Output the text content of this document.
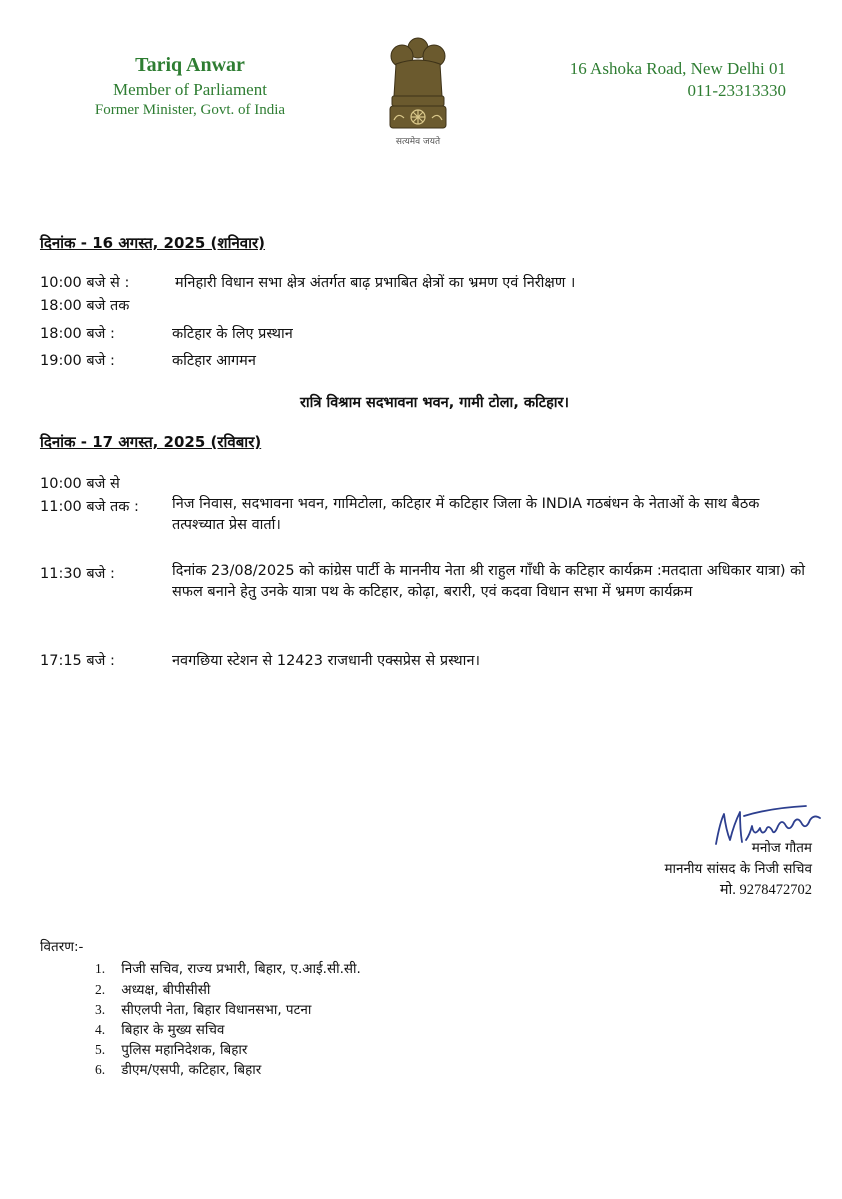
Tariq Anwar
Member of Parliament
Former Minister, Govt. of India
सत्यमेव जयते
16 Ashoka Road, New Delhi 01
011-23313330
दिनांक - 16 अगस्त, 2025 (शनिवार)
10:00 बजे से :	मनिहारी विधान सभा क्षेत्र अंतर्गत बाढ़ प्रभाबित क्षेत्रों का भ्रमण एवं निरीक्षण ।
18:00 बजे तक
18:00 बजे :	कटिहार के लिए प्रस्थान
19:00 बजे :	कटिहार आगमन
रात्रि विश्राम सदभावना भवन, गामी टोला, कटिहार।
दिनांक - 17 अगस्त, 2025 (रविबार)
10:00 बजे से
11:00 बजे तक : निज निवास, सदभावना भवन, गामिटोला, कटिहार में कटिहार जिला के INDIA गठबंधन के नेताओं के साथ बैठक तत्पश्च्यात प्रेस वार्ता।
11:30 बजे :	दिनांक 23/08/2025 को कांग्रेस पार्टी के माननीय नेता श्री राहुल गाँधी के कटिहार कार्यक्रम :मतदाता अधिकार यात्रा) को सफल बनाने हेतु उनके यात्रा पथ के कटिहार, कोढ़ा, बरारी, एवं कदवा विधान सभा में भ्रमण कार्यक्रम
17:15 बजे :	नवगछिया स्टेशन से 12423 राजधानी एक्सप्रेस से प्रस्थान।
मनोज गौतम
माननीय सांसद के निजी सचिव
मो. 9278472702
वितरण:-
1. निजी सचिव, राज्य प्रभारी, बिहार, ए.आई.सी.सी.
2. अध्यक्ष, बीपीसीसी
3. सीएलपी नेता, बिहार विधानसभा, पटना
4. बिहार के मुख्य सचिव
5. पुलिस महानिदेशक, बिहार
6. डीएम/एसपी, कटिहार, बिहार
